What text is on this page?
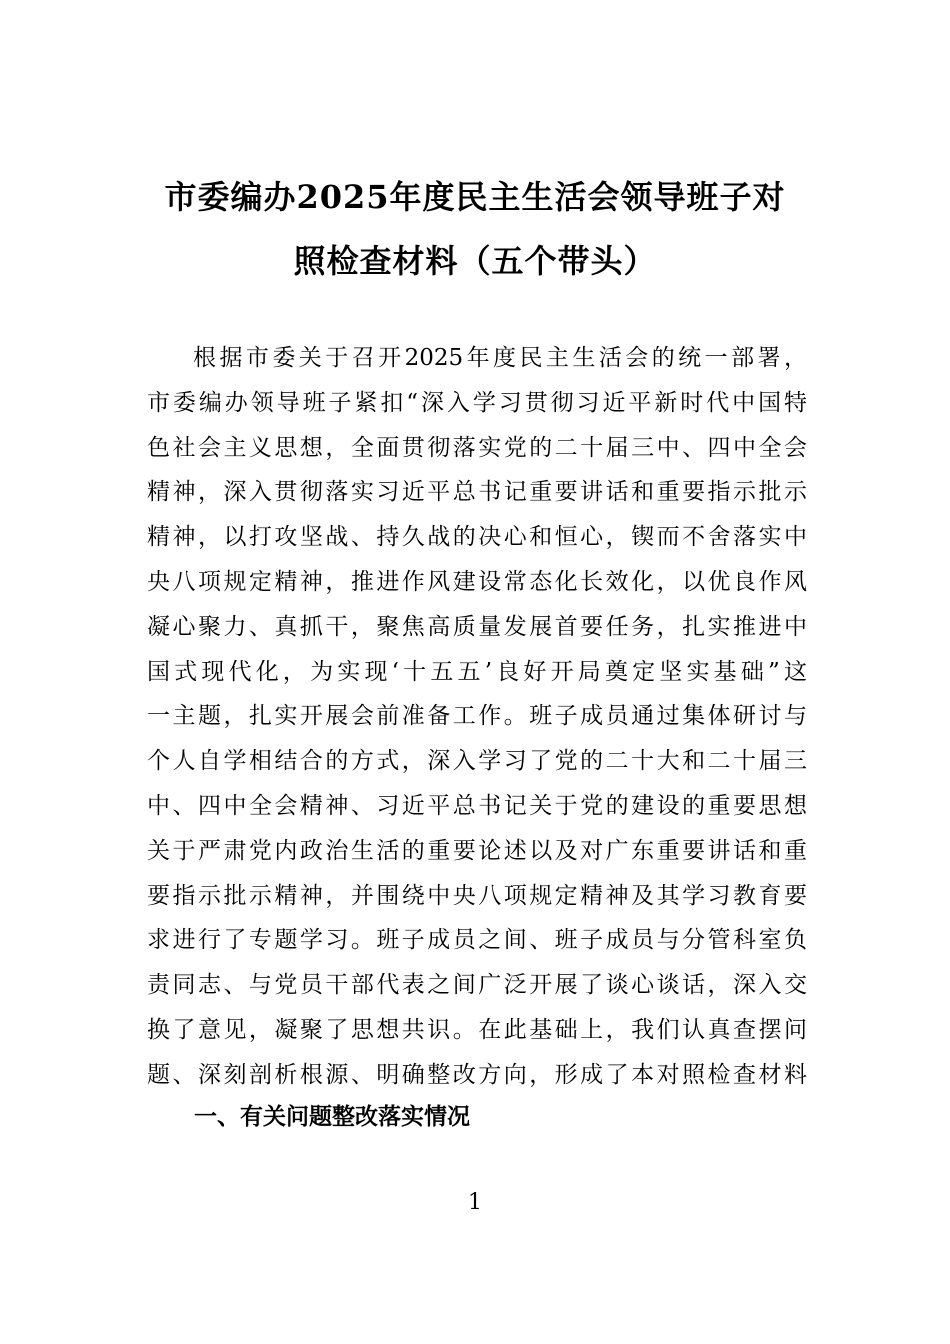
市委编办2025年度民主生活会领导班子对
照检查材料（五个带头）
根据市委关于召开2025年度民主生活会的统一部署，
市委编办领导班子紧扣“深入学习贯彻习近平新时代中国特
色社会主义思想，全面贯彻落实党的二十届三中、四中全会
精神，深入贯彻落实习近平总书记重要讲话和重要指示批示
精神，以打攻坚战、持久战的决心和恒心，锲而不舍落实中
央八项规定精神，推进作风建设常态化长效化，以优良作风
凝心聚力、真抓干，聚焦高质量发展首要任务，扎实推进中
国式现代化，为实现‘十五五’良好开局奠定坚实基础”这
一主题，扎实开展会前准备工作。班子成员通过集体研讨与
个人自学相结合的方式，深入学习了党的二十大和二十届三
中、四中全会精神、习近平总书记关于党的建设的重要思想
关于严肃党内政治生活的重要论述以及对广东重要讲话和重
要指示批示精神，并围绕中央八项规定精神及其学习教育要
求进行了专题学习。班子成员之间、班子成员与分管科室负
责同志、与党员干部代表之间广泛开展了谈心谈话，深入交
换了意见，凝聚了思想共识。在此基础上，我们认真查摆问
题、深刻剖析根源、明确整改方向，形成了本对照检查材料
一、有关问题整改落实情况
1
